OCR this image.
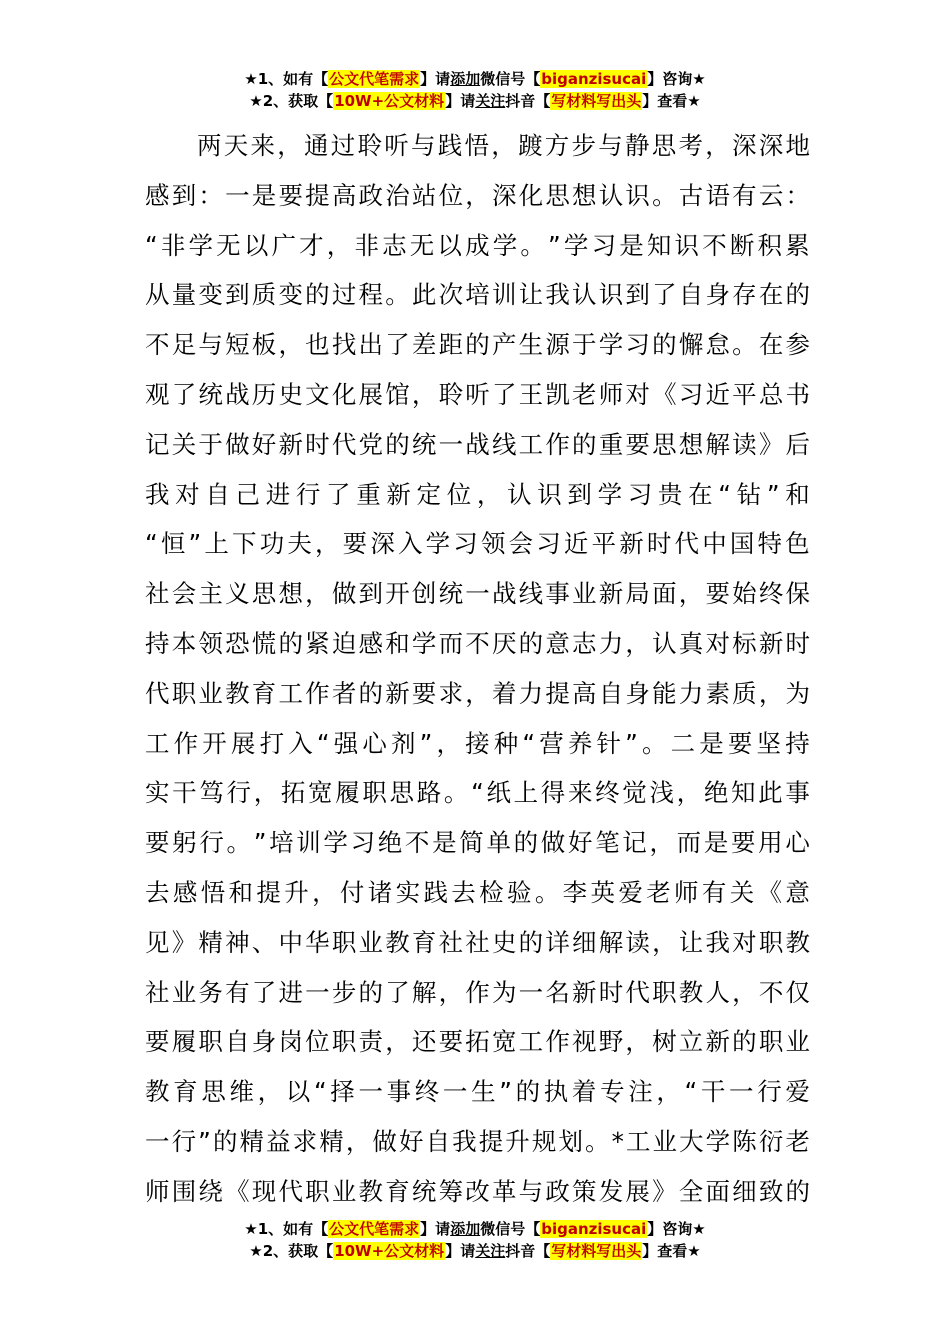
★1、如有【公文代笔需求】请添加微信号【biganzisucai】咨询★
★2、获取【10W+公文材料】请关注抖音【写材料写出头】查看★
两 天 来 ， 通 过 聆 听 与 践 悟 ， 踱 方 步 与 静 思 考 ， 深 深 地
感 到 ： 一 是 要 提 高 政 治 站 位 ， 深 化 思 想 认 识 。 古 语 有 云 ：
“ 非 学 无 以 广 才 ， 非 志 无 以 成 学 。 ” 学 习 是 知 识 不 断 积 累
从 量 变 到 质 变 的 过 程 。 此 次 培 训 让 我 认 识 到 了 自 身 存 在 的
不 足 与 短 板 ， 也 找 出 了 差 距 的 产 生 源 于 学 习 的 懈 怠 。 在 参
观 了 统 战 历 史 文 化 展 馆 ， 聆 听 了 王 凯 老 师 对 《 习 近 平 总 书
记 关 于 做 好 新 时 代 党 的 统 一 战 线 工 作 的 重 要 思 想 解 读 》 后
我 对 自 己 进 行 了 重 新 定 位 ， 认 识 到 学 习 贵 在 “ 钻 ” 和
“ 恒 ” 上 下 功 夫 ， 要 深 入 学 习 领 会 习 近 平 新 时 代 中 国 特 色
社 会 主 义 思 想 ， 做 到 开 创 统 一 战 线 事 业 新 局 面 ， 要 始 终 保
持 本 领 恐 慌 的 紧 迫 感 和 学 而 不 厌 的 意 志 力 ， 认 真 对 标 新 时
代 职 业 教 育 工 作 者 的 新 要 求 ， 着 力 提 高 自 身 能 力 素 质 ， 为
工 作 开 展 打 入 “ 强 心 剂 ” ， 接 种 “ 营 养 针 ” 。 二 是 要 坚 持
实 干 笃 行 ， 拓 宽 履 职 思 路 。 “ 纸 上 得 来 终 觉 浅 ， 绝 知 此 事
要 躬 行 。 ” 培 训 学 习 绝 不 是 简 单 的 做 好 笔 记 ， 而 是 要 用 心
去 感 悟 和 提 升 ， 付 诸 实 践 去 检 验 。 李 英 爱 老 师 有 关 《 意
见 》 精 神 、 中 华 职 业 教 育 社 社 史 的 详 细 解 读 ， 让 我 对 职 教
社 业 务 有 了 进 一 步 的 了 解 ， 作 为 一 名 新 时 代 职 教 人 ， 不 仅
要 履 职 自 身 岗 位 职 责 ， 还 要 拓 宽 工 作 视 野 ， 树 立 新 的 职 业
教 育 思 维 ， 以 “ 择 一 事 终 一 生 ” 的 执 着 专 注 ， “ 干 一 行 爱
一 行 ” 的 精 益 求 精 ， 做 好 自 我 提 升 规 划 。 * 工 业 大 学 陈 衍 老
师 围 绕 《 现 代 职 业 教 育 统 筹 改 革 与 政 策 发 展 》 全 面 细 致 的
★1、如有【公文代笔需求】请添加微信号【biganzisucai】咨询★
★2、获取【10W+公文材料】请关注抖音【写材料写出头】查看★
